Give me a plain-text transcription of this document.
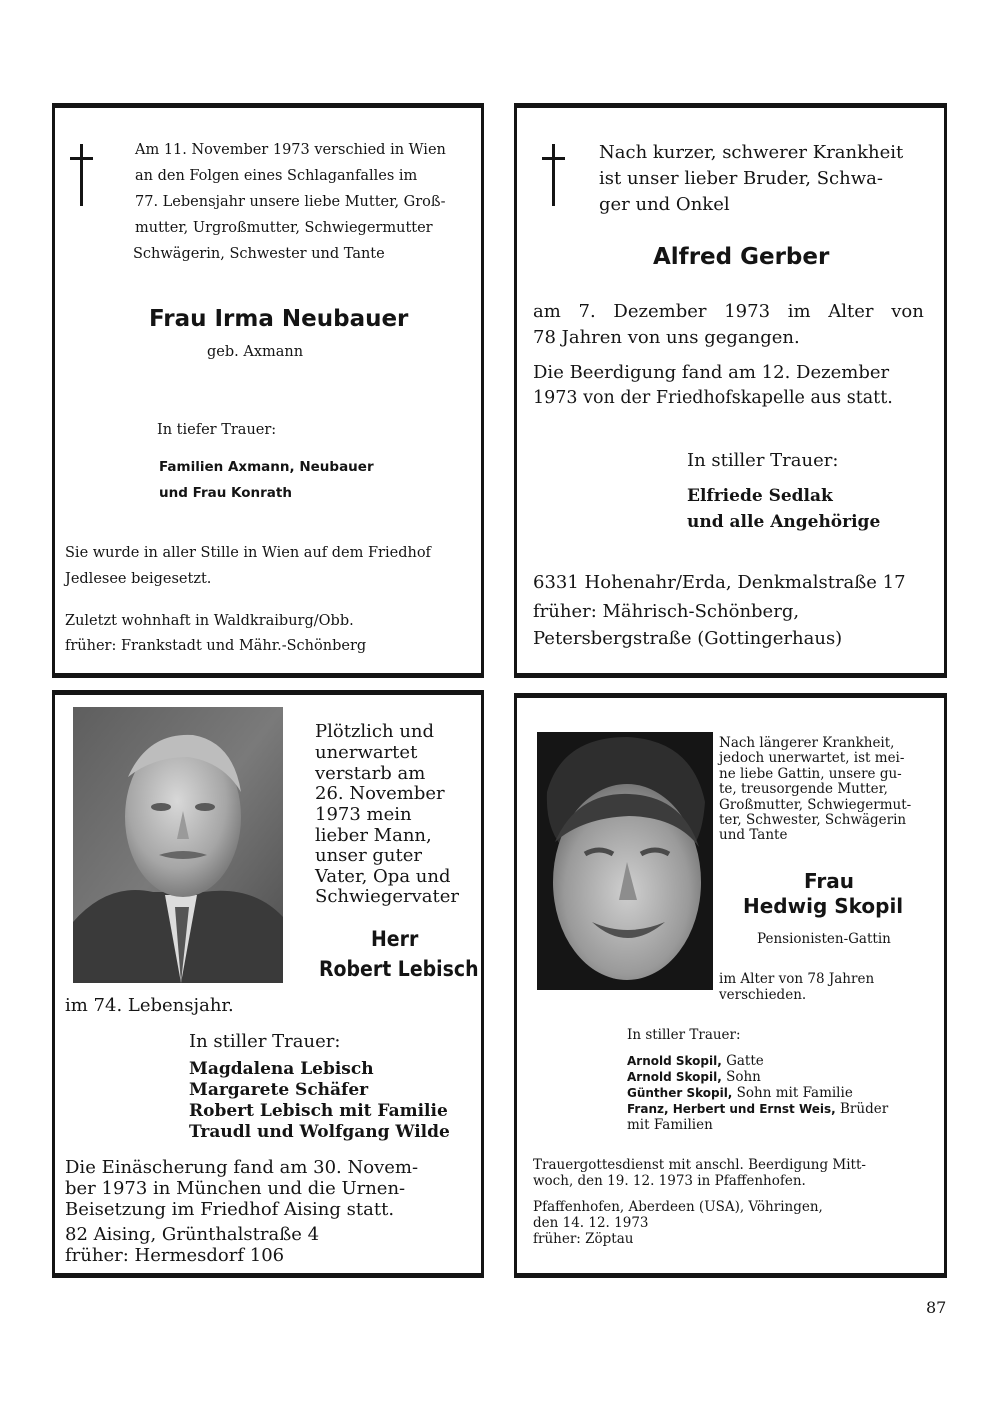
Am 11. November 1973 verschied in Wien

an den Folgen eines Schlaganfalles im

77. Lebensjahr unsere liebe Mutter, Groß-

mutter, Urgroßmutter, Schwiegermutter

Schwägerin, Schwester und Tante

Frau Irma Neubauer

geb. Axmann

In tiefer Trauer:

Familien Axmann, Neubauer

und Frau Konrath

Sie wurde in aller Stille in Wien auf dem Friedhof

Jedlesee beigesetzt.

Zuletzt wohnhaft in Waldkraiburg/Obb.

früher: Frankstadt und Mähr.-Schönberg

Nach kurzer, schwerer Krankheit

ist unser lieber Bruder, Schwa-

ger und Onkel

Alfred Gerber

am 7. Dezember 1973 im Alter von

78 Jahren von uns gegangen.

Die Beerdigung fand am 12. Dezember

1973 von der Friedhofskapelle aus statt.

In stiller Trauer:

Elfriede Sedlak

und alle Angehörige

6331 Hohenahr/Erda, Denkmalstraße 17

früher: Mährisch-Schönberg,

Petersbergstraße (Gottingerhaus)

Plötzlich und

unerwartet

verstarb am

26. November

1973 mein

lieber Mann,

unser guter

Vater, Opa und

Schwiegervater

Herr

Robert Lebisch

im 74. Lebensjahr.

In stiller Trauer:

Magdalena Lebisch

Margarete Schäfer

Robert Lebisch mit Familie

Traudl und Wolfgang Wilde

Die Einäscherung fand am 30. Novem-

ber 1973 in München und die Urnen-

Beisetzung im Friedhof Aising statt.

82 Aising, Grünthalstraße 4

früher: Hermesdorf 106

Nach längerer Krankheit,

jedoch unerwartet, ist mei-

ne liebe Gattin, unsere gu-

te, treusorgende Mutter,

Großmutter, Schwiegermut-

ter, Schwester, Schwägerin

und Tante

Frau

Hedwig Skopil

Pensionisten-Gattin

im Alter von 78 Jahren

verschieden.

In stiller Trauer:

Arnold Skopil, Gatte
Arnold Skopil, Sohn
Günther Skopil, Sohn mit Familie
Franz, Herbert und Ernst Weis, Brüder

mit Familien

Trauergottesdienst mit anschl. Beerdigung Mitt-

woch, den 19. 12. 1973 in Pfaffenhofen.

Pfaffenhofen, Aberdeen (USA), Vöhringen,

den 14. 12. 1973

früher: Zöptau

87
